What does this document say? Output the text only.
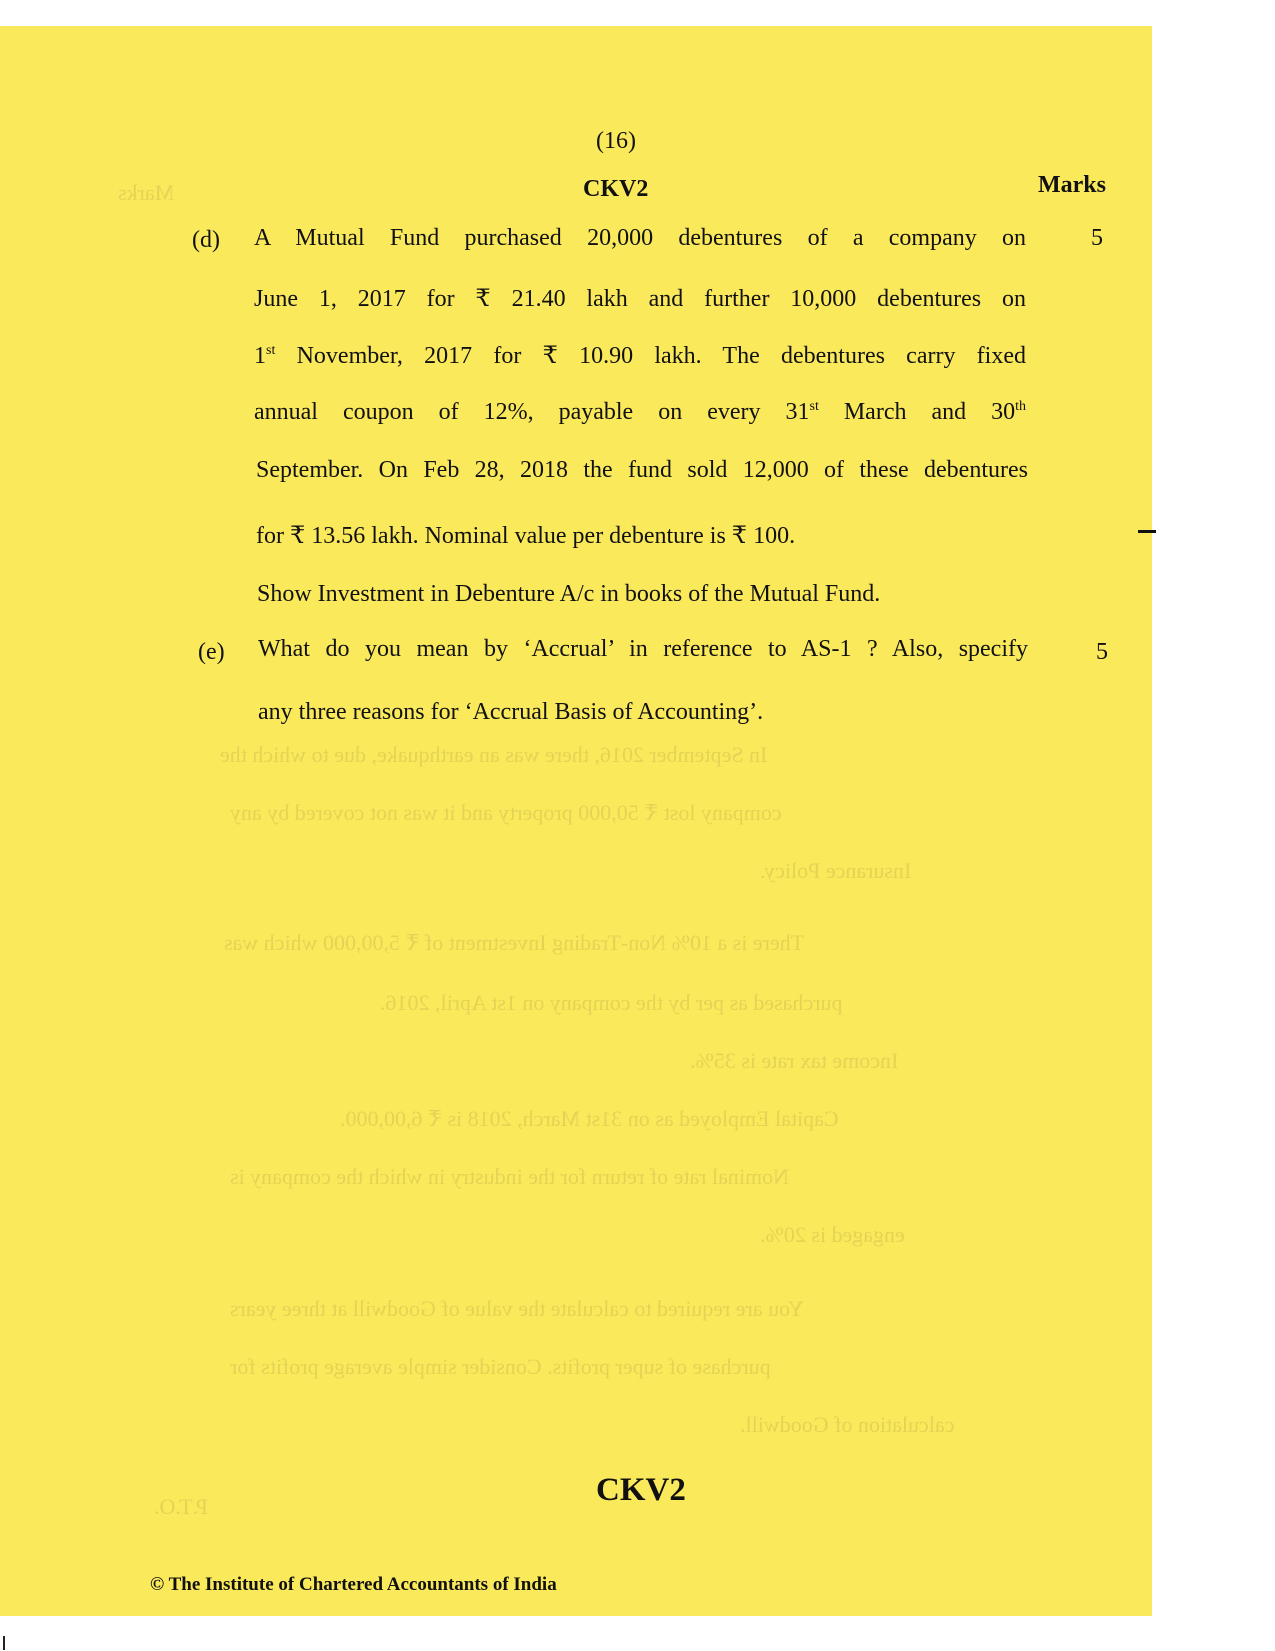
Marks
In September 2016, there was an earthquake, due to which the
company lost ₹ 50,000 property and it was not covered by any
Insurance Policy.
There is a 10% Non-Trading Investment of ₹ 5,00,000 which was
purchased as per by the company on 1st April, 2016.
Income tax rate is 35%.
Capital Employed as on 31st March, 2018 is ₹ 6,00,000.
Nominal rate of return for the industry in which the company is
engaged is 20%.
You are required to calculate the value of Goodwill at three years
purchase of super profits. Consider simple average profits for
calculation of Goodwill.
P.T.O.
(16)
CKV2	Marks
(d)	5
A Mutual Fund purchased 20,000 debentures of a company on
June 1, 2017 for ₹ 21.40 lakh and further 10,000 debentures on
1st November, 2017 for ₹ 10.90 lakh. The debentures carry fixed
annual coupon of 12%, payable on every 31st March and 30th
September. On Feb 28, 2018 the fund sold 12,000 of these debentures
for ₹ 13.56 lakh. Nominal value per debenture is ₹ 100.
Show Investment in Debenture A/c in books of the Mutual Fund.
(e)	5
What do you mean by ‘Accrual’ in reference to AS-1 ? Also, specify
any three reasons for ‘Accrual Basis of Accounting’.
CKV2
© The Institute of Chartered Accountants of India
